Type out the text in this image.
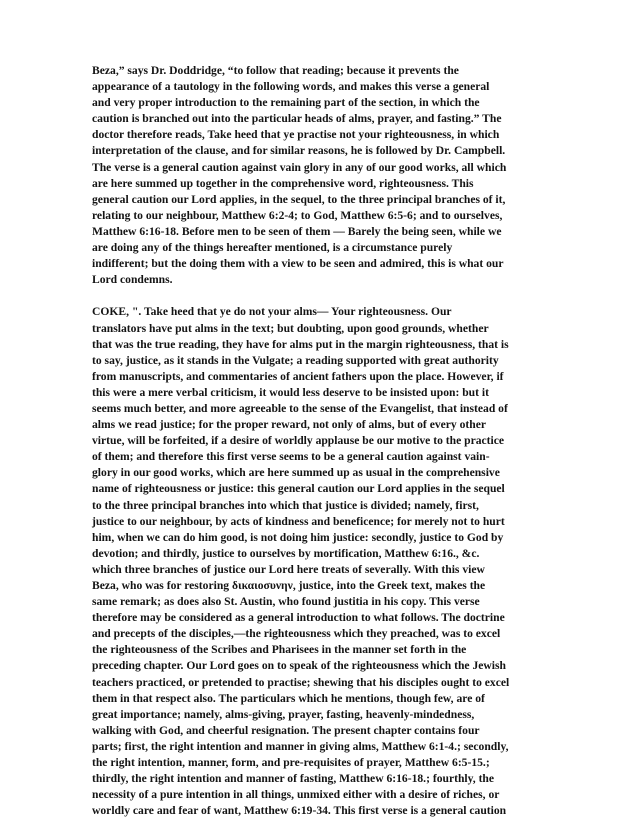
Beza,” says Dr. Doddridge, “to follow that reading; because it prevents the
appearance of a tautology in the following words, and makes this verse a general
and very proper introduction to the remaining part of the section, in which the
caution is branched out into the particular heads of alms, prayer, and fasting.” The
doctor therefore reads, Take heed that ye practise not your righteousness, in which
interpretation of the clause, and for similar reasons, he is followed by Dr. Campbell.
The verse is a general caution against vain glory in any of our good works, all which
are here summed up together in the comprehensive word, righteousness. This
general caution our Lord applies, in the sequel, to the three principal branches of it,
relating to our neighbour, Matthew 6:2-4; to God, Matthew 6:5-6; and to ourselves,
Matthew 6:16-18. Before men to be seen of them — Barely the being seen, while we
are doing any of the things hereafter mentioned, is a circumstance purely
indifferent; but the doing them with a view to be seen and admired, this is what our
Lord condemns.

COKE, ". Take heed that ye do not your alms— Your righteousness. Our
translators have put alms in the text; but doubting, upon good grounds, whether
that was the true reading, they have for alms put in the margin righteousness, that is
to say, justice, as it stands in the Vulgate; a reading supported with great authority
from manuscripts, and commentaries of ancient fathers upon the place. However, if
this were a mere verbal criticism, it would less deserve to be insisted upon: but it
seems much better, and more agreeable to the sense of the Evangelist, that instead of
alms we read justice; for the proper reward, not only of alms, but of every other
virtue, will be forfeited, if a desire of worldly applause be our motive to the practice
of them; and therefore this first verse seems to be a general caution against vain-
glory in our good works, which are here summed up as usual in the comprehensive
name of righteousness or justice: this general caution our Lord applies in the sequel
to the three principal branches into which that justice is divided; namely, first,
justice to our neighbour, by acts of kindness and beneficence; for merely not to hurt
him, when we can do him good, is not doing him justice: secondly, justice to God by
devotion; and thirdly, justice to ourselves by mortification, Matthew 6:16., &c.
which three branches of justice our Lord here treats of severally. With this view
Beza, who was for restoring δικαιοσυνην, justice, into the Greek text, makes the
same remark; as does also St. Austin, who found justitia in his copy. This verse
therefore may be considered as a general introduction to what follows. The doctrine
and precepts of the disciples,—the righteousness which they preached, was to excel
the righteousness of the Scribes and Pharisees in the manner set forth in the
preceding chapter. Our Lord goes on to speak of the righteousness which the Jewish
teachers practiced, or pretended to practise; shewing that his disciples ought to excel
them in that respect also. The particulars which he mentions, though few, are of
great importance; namely, alms-giving, prayer, fasting, heavenly-mindedness,
walking with God, and cheerful resignation. The present chapter contains four
parts; first, the right intention and manner in giving alms, Matthew 6:1-4.; secondly,
the right intention, manner, form, and pre-requisites of prayer, Matthew 6:5-15.;
thirdly, the right intention and manner of fasting, Matthew 6:16-18.; fourthly, the
necessity of a pure intention in all things, unmixed either with a desire of riches, or
worldly care and fear of want, Matthew 6:19-34. This first verse is a general caution
